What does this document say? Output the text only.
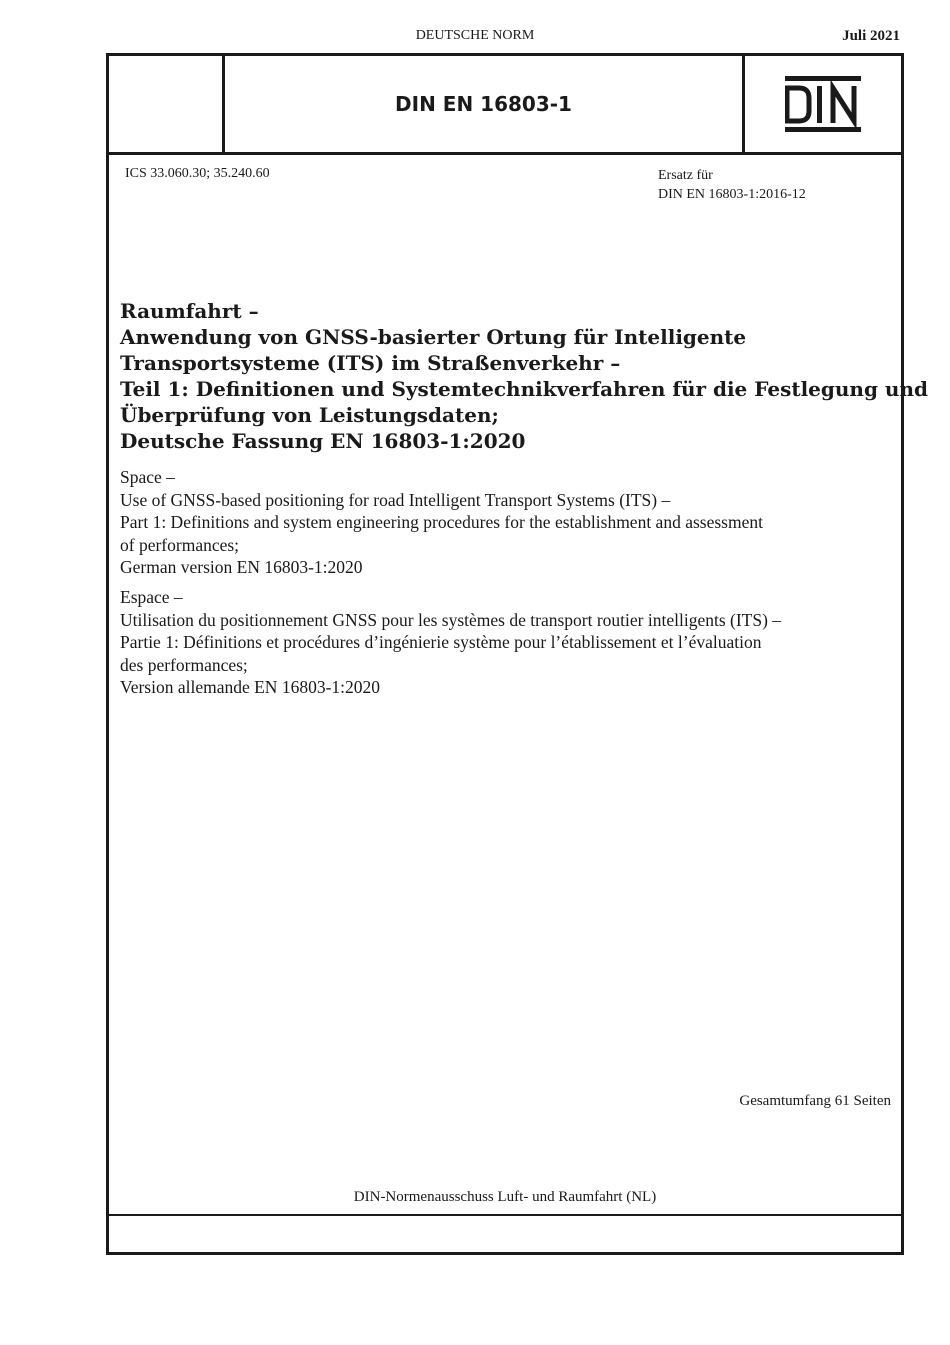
DEUTSCHE NORM	Juli 2021
DIN EN 16803-1
ICS 33.060.30; 35.240.60	Ersatz für
DIN EN 16803-1:2016-12
Raumfahrt –
Anwendung von GNSS-basierter Ortung für Intelligente
Transportsysteme (ITS) im Straßenverkehr –
Teil 1: Definitionen und Systemtechnikverfahren für die Festlegung und
Überprüfung von Leistungsdaten;
Deutsche Fassung EN 16803-1:2020
Space –
Use of GNSS-based positioning for road Intelligent Transport Systems (ITS) –
Part 1: Definitions and system engineering procedures for the establishment and assessment
of performances;
German version EN 16803-1:2020
Espace –
Utilisation du positionnement GNSS pour les systèmes de transport routier intelligents (ITS) –
Partie 1: Définitions et procédures d’ingénierie système pour l’établissement et l’évaluation
des performances;
Version allemande EN 16803-1:2020
Gesamtumfang 61 Seiten
DIN-Normenausschuss Luft- und Raumfahrt (NL)
